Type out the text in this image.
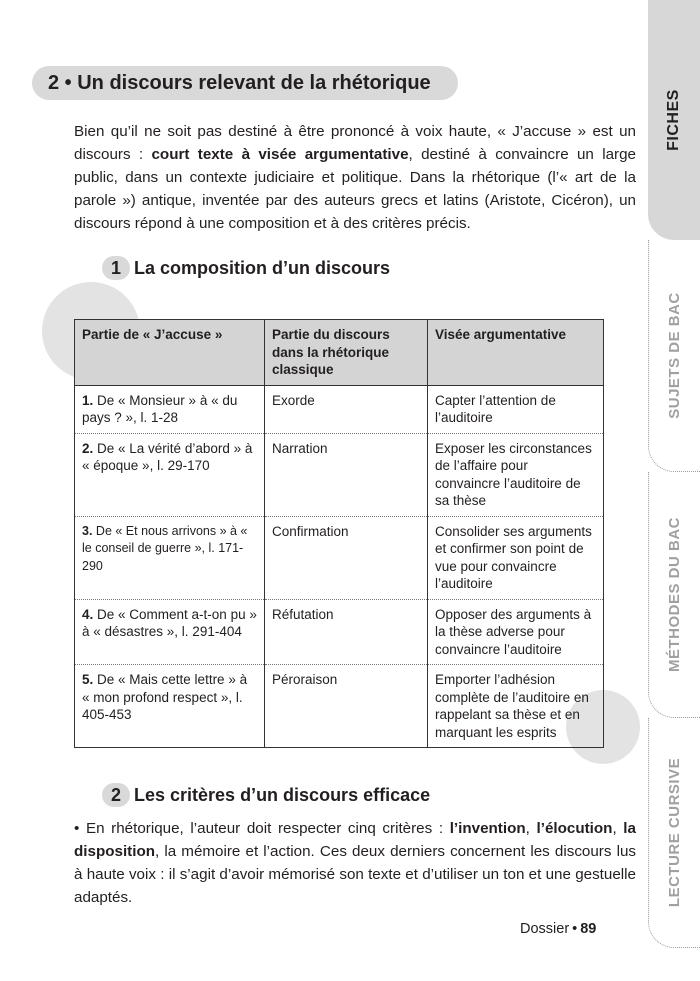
2 • Un discours relevant de la rhétorique

Bien qu’il ne soit pas destiné à être prononcé à voix haute, « J’accuse » est un discours : court texte à visée argumentative, destiné à convaincre un large public, dans un contexte judiciaire et politique. Dans la rhétorique (l’« art de la parole ») antique, inventée par des auteurs grecs et latins (Aristote, Cicéron), un discours répond à une composition et à des critères précis.

1 La composition d’un discours
Partie de « J’accuse »	Partie du discours dans la rhétorique classique	Visée argumentative
1. De « Monsieur » à « du pays ? », l. 1-28	Exorde	Capter l’attention de l’auditoire
2. De « La vérité d’abord » à « époque », l. 29-170	Narration	Exposer les circonstances de l’affaire pour convaincre l’auditoire de sa thèse
3. De « Et nous arrivons » à « le conseil de guerre », l. 171-290	Confirmation	Consolider ses arguments et confirmer son point de vue pour convaincre l’auditoire
4. De « Comment a-t-on pu » à « désastres », l. 291-404	Réfutation	Opposer des arguments à la thèse adverse pour convaincre l’auditoire
5. De « Mais cette lettre » à « mon profond respect », l. 405-453	Péroraison	Emporter l’adhésion complète de l’auditoire en rappelant sa thèse et en marquant les esprits
2 Les critères d’un discours efficace

• En rhétorique, l’auteur doit respecter cinq critères : l’invention, l’élocution, la disposition, la mémoire et l’action. Ces deux derniers concernent les discours lus à haute voix : il s’agit d’avoir mémorisé son texte et d’utiliser un ton et une gestuelle adaptés.

Dossier • 89
FICHES
SUJETS DE BAC
MÉTHODES DU BAC
LECTURE CURSIVE
